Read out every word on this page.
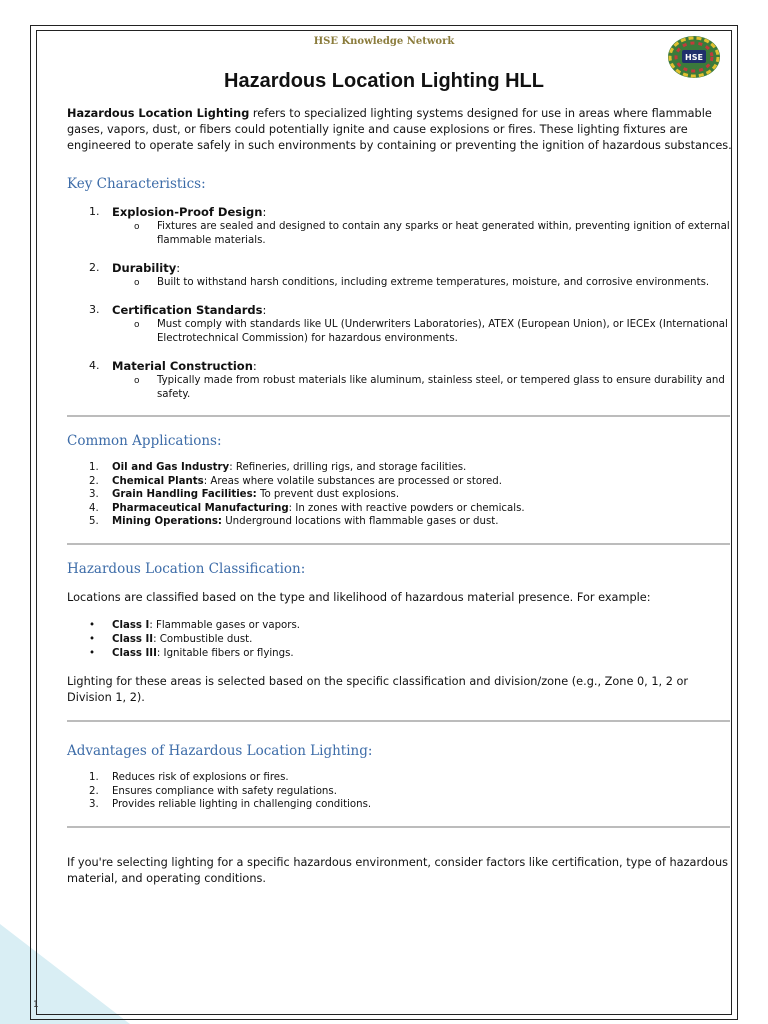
HSE Knowledge Network
HSE
Hazardous Location Lighting HLL

Hazardous Location Lighting refers to specialized lighting systems designed for use in areas where flammable gases, vapors, dust, or fibers could potentially ignite and cause explosions or fires. These lighting fixtures are engineered to operate safely in such environments by containing or preventing the ignition of hazardous substances.

Key Characteristics:
1. Explosion-Proof Design:
o Fixtures are sealed and designed to contain any sparks or heat generated within, preventing ignition of external flammable materials.
2. Durability:
o Built to withstand harsh conditions, including extreme temperatures, moisture, and corrosive environments.
3. Certification Standards:
o Must comply with standards like UL (Underwriters Laboratories), ATEX (European Union), or IECEx (International Electrotechnical Commission) for hazardous environments.
4. Material Construction:
o Typically made from robust materials like aluminum, stainless steel, or tempered glass to ensure durability and safety.
Common Applications:
1. Oil and Gas Industry: Refineries, drilling rigs, and storage facilities.
2. Chemical Plants: Areas where volatile substances are processed or stored.
3. Grain Handling Facilities: To prevent dust explosions.
4. Pharmaceutical Manufacturing: In zones with reactive powders or chemicals.
5. Mining Operations: Underground locations with flammable gases or dust.
Hazardous Location Classification:

Locations are classified based on the type and likelihood of hazardous material presence. For example:

• Class I: Flammable gases or vapors.
• Class II: Combustible dust.
• Class III: Ignitable fibers or flyings.

Lighting for these areas is selected based on the specific classification and division/zone (e.g., Zone 0, 1, 2 or Division 1, 2).

Advantages of Hazardous Location Lighting:
1. Reduces risk of explosions or fires.
2. Ensures compliance with safety regulations.
3. Provides reliable lighting in challenging conditions.

If you're selecting lighting for a specific hazardous environment, consider factors like certification, type of hazardous material, and operating conditions.

1
